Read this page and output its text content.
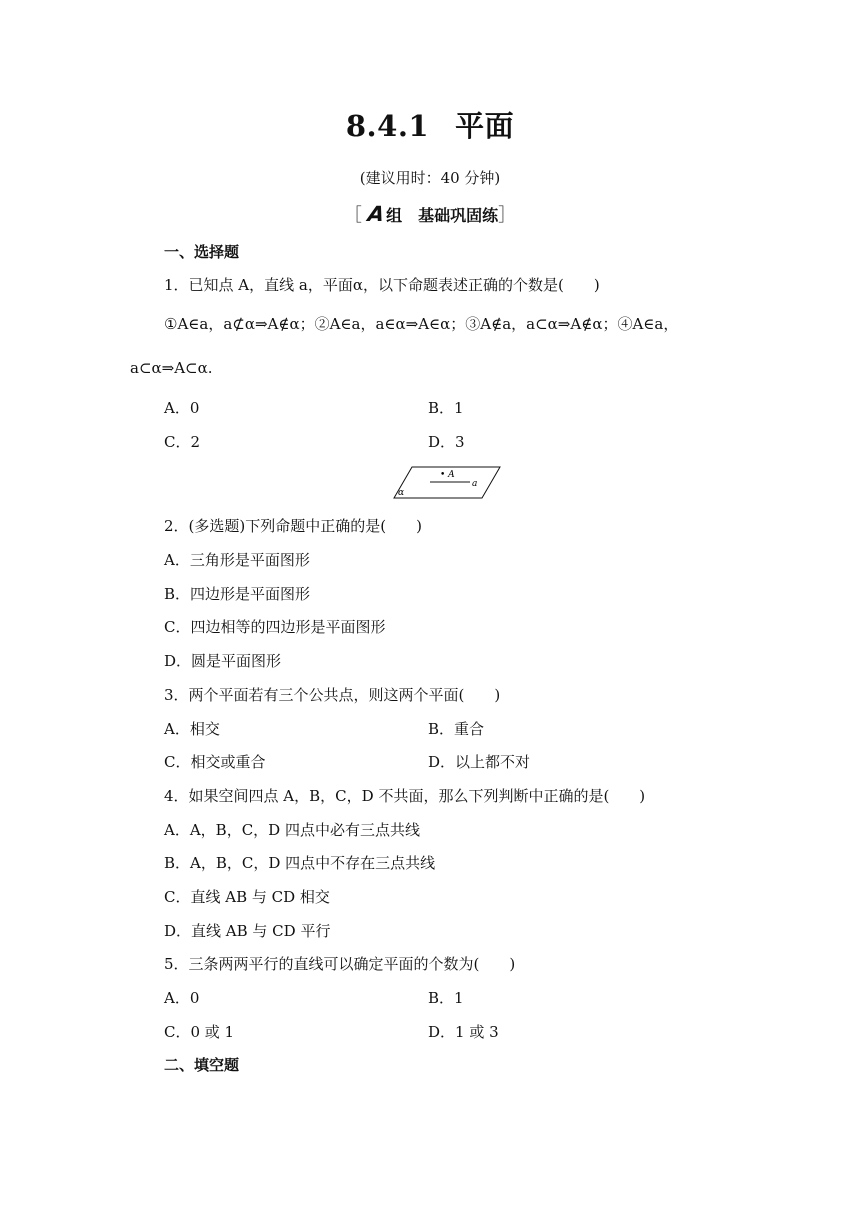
8.4.1 平面
(建议用时：40 分钟)
［ A组　基础巩固练］
一、选择题
1．已知点 A，直线 a，平面α，以下命题表述正确的个数是(　　)
①A∈a，a⊄α⇒A∉α；②A∈a，a∈α⇒A∈α；③A∉a，a⊂α⇒A∉α；④A∈a，
a⊂α⇒A⊂α.
A．0	B．1
C．2	D．3
• A
a
α
2．(多选题)下列命题中正确的是(　　)
A．三角形是平面图形
B．四边形是平面图形
C．四边相等的四边形是平面图形
D．圆是平面图形
3．两个平面若有三个公共点，则这两个平面(　　)
A．相交	B．重合
C．相交或重合	D．以上都不对
4．如果空间四点 A，B，C，D 不共面，那么下列判断中正确的是(　　)
A．A，B，C，D 四点中必有三点共线
B．A，B，C，D 四点中不存在三点共线
C．直线 AB 与 CD 相交
D．直线 AB 与 CD 平行
5．三条两两平行的直线可以确定平面的个数为(　　)
A．0	B．1
C．0 或 1	D．1 或 3
二、填空题
